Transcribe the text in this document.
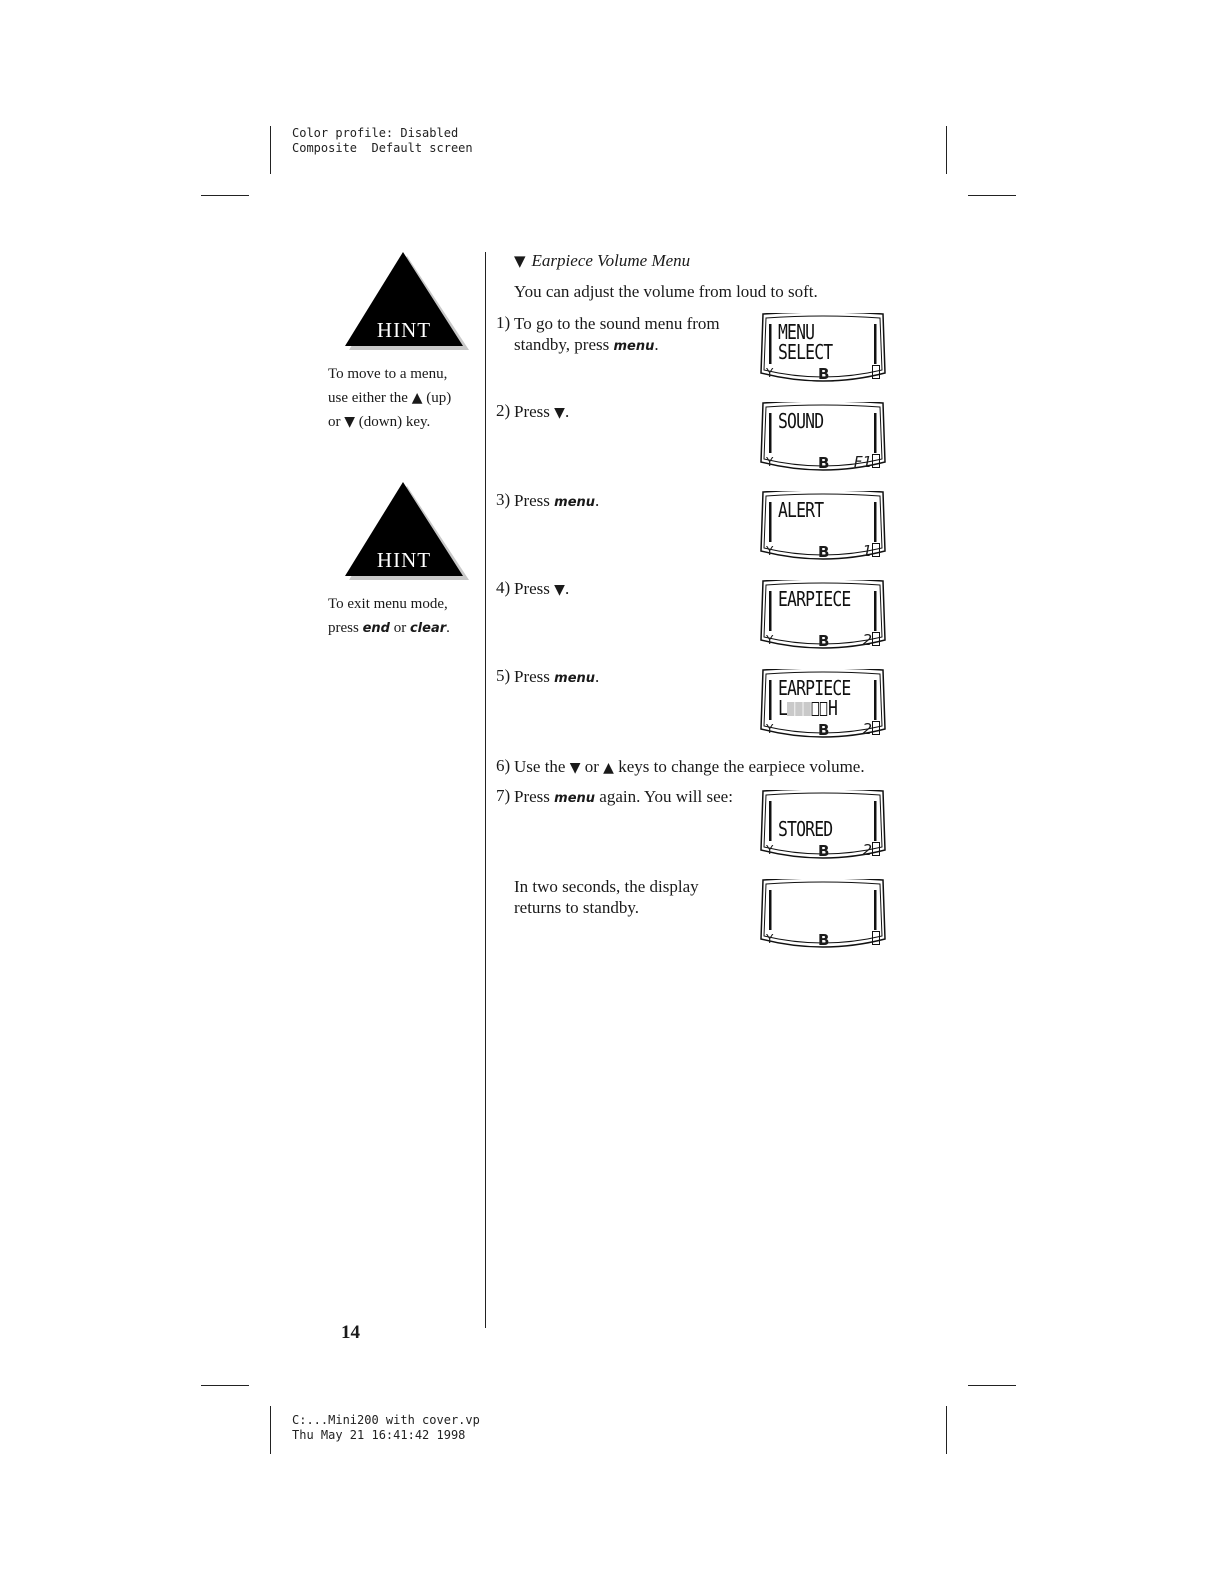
Color profile: Disabled
Composite  Default screen
C:...Mini200 with cover.vp
Thu May 21 16:41:42 1998
HINT
To move to a menu,
use either the ▲ (up)
or ▼ (down) key.
HINT
To exit menu mode,
press end or clear.
▼ Earpiece Volume Menu
You can adjust the volume from loud to soft.
1) To go to the sound menu from
standby, press menu.
2) Press ▼.
3) Press menu.
4) Press ▼.
5) Press menu.
6) Use the ▼ or ▲ keys to change the earpiece volume.
7) Press menu again. You will see:
In two seconds, the display
returns to standby.
MENU
SELECT
Y	B
SOUND
Y	B F1
ALERT
Y	B 1
EARPIECE
Y	B 2
EARPIECE
L H
Y	B 2
STORED
Y	B 2
Y	B
14
